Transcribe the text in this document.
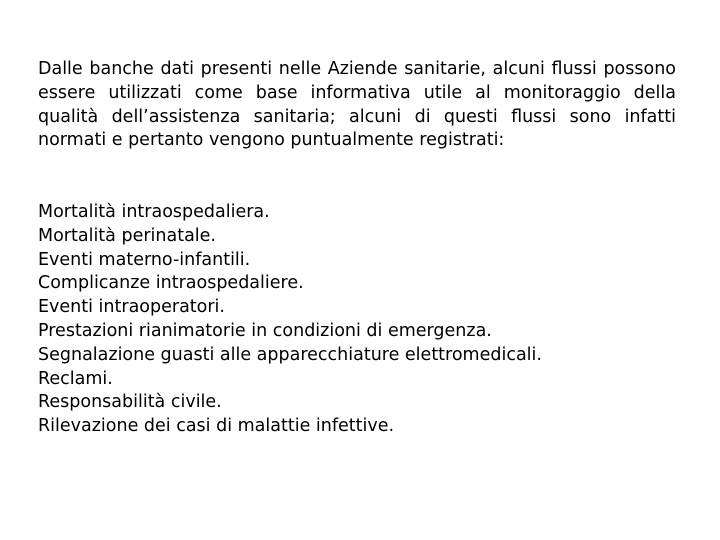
Dalle banche dati presenti nelle Aziende sanitarie, alcuni flussi possono essere utilizzati come base informativa utile al monitoraggio della qualità dell’assistenza sanitaria; alcuni di questi flussi sono infatti normati e pertanto vengono puntualmente registrati:

Mortalità intraospedaliera.
Mortalità perinatale.
Eventi materno-infantili.
Complicanze intraospedaliere.
Eventi intraoperatori.
Prestazioni rianimatorie in condizioni di emergenza.
Segnalazione guasti alle apparecchiature elettromedicali.
Reclami.
Responsabilità civile.
Rilevazione dei casi di malattie infettive.
